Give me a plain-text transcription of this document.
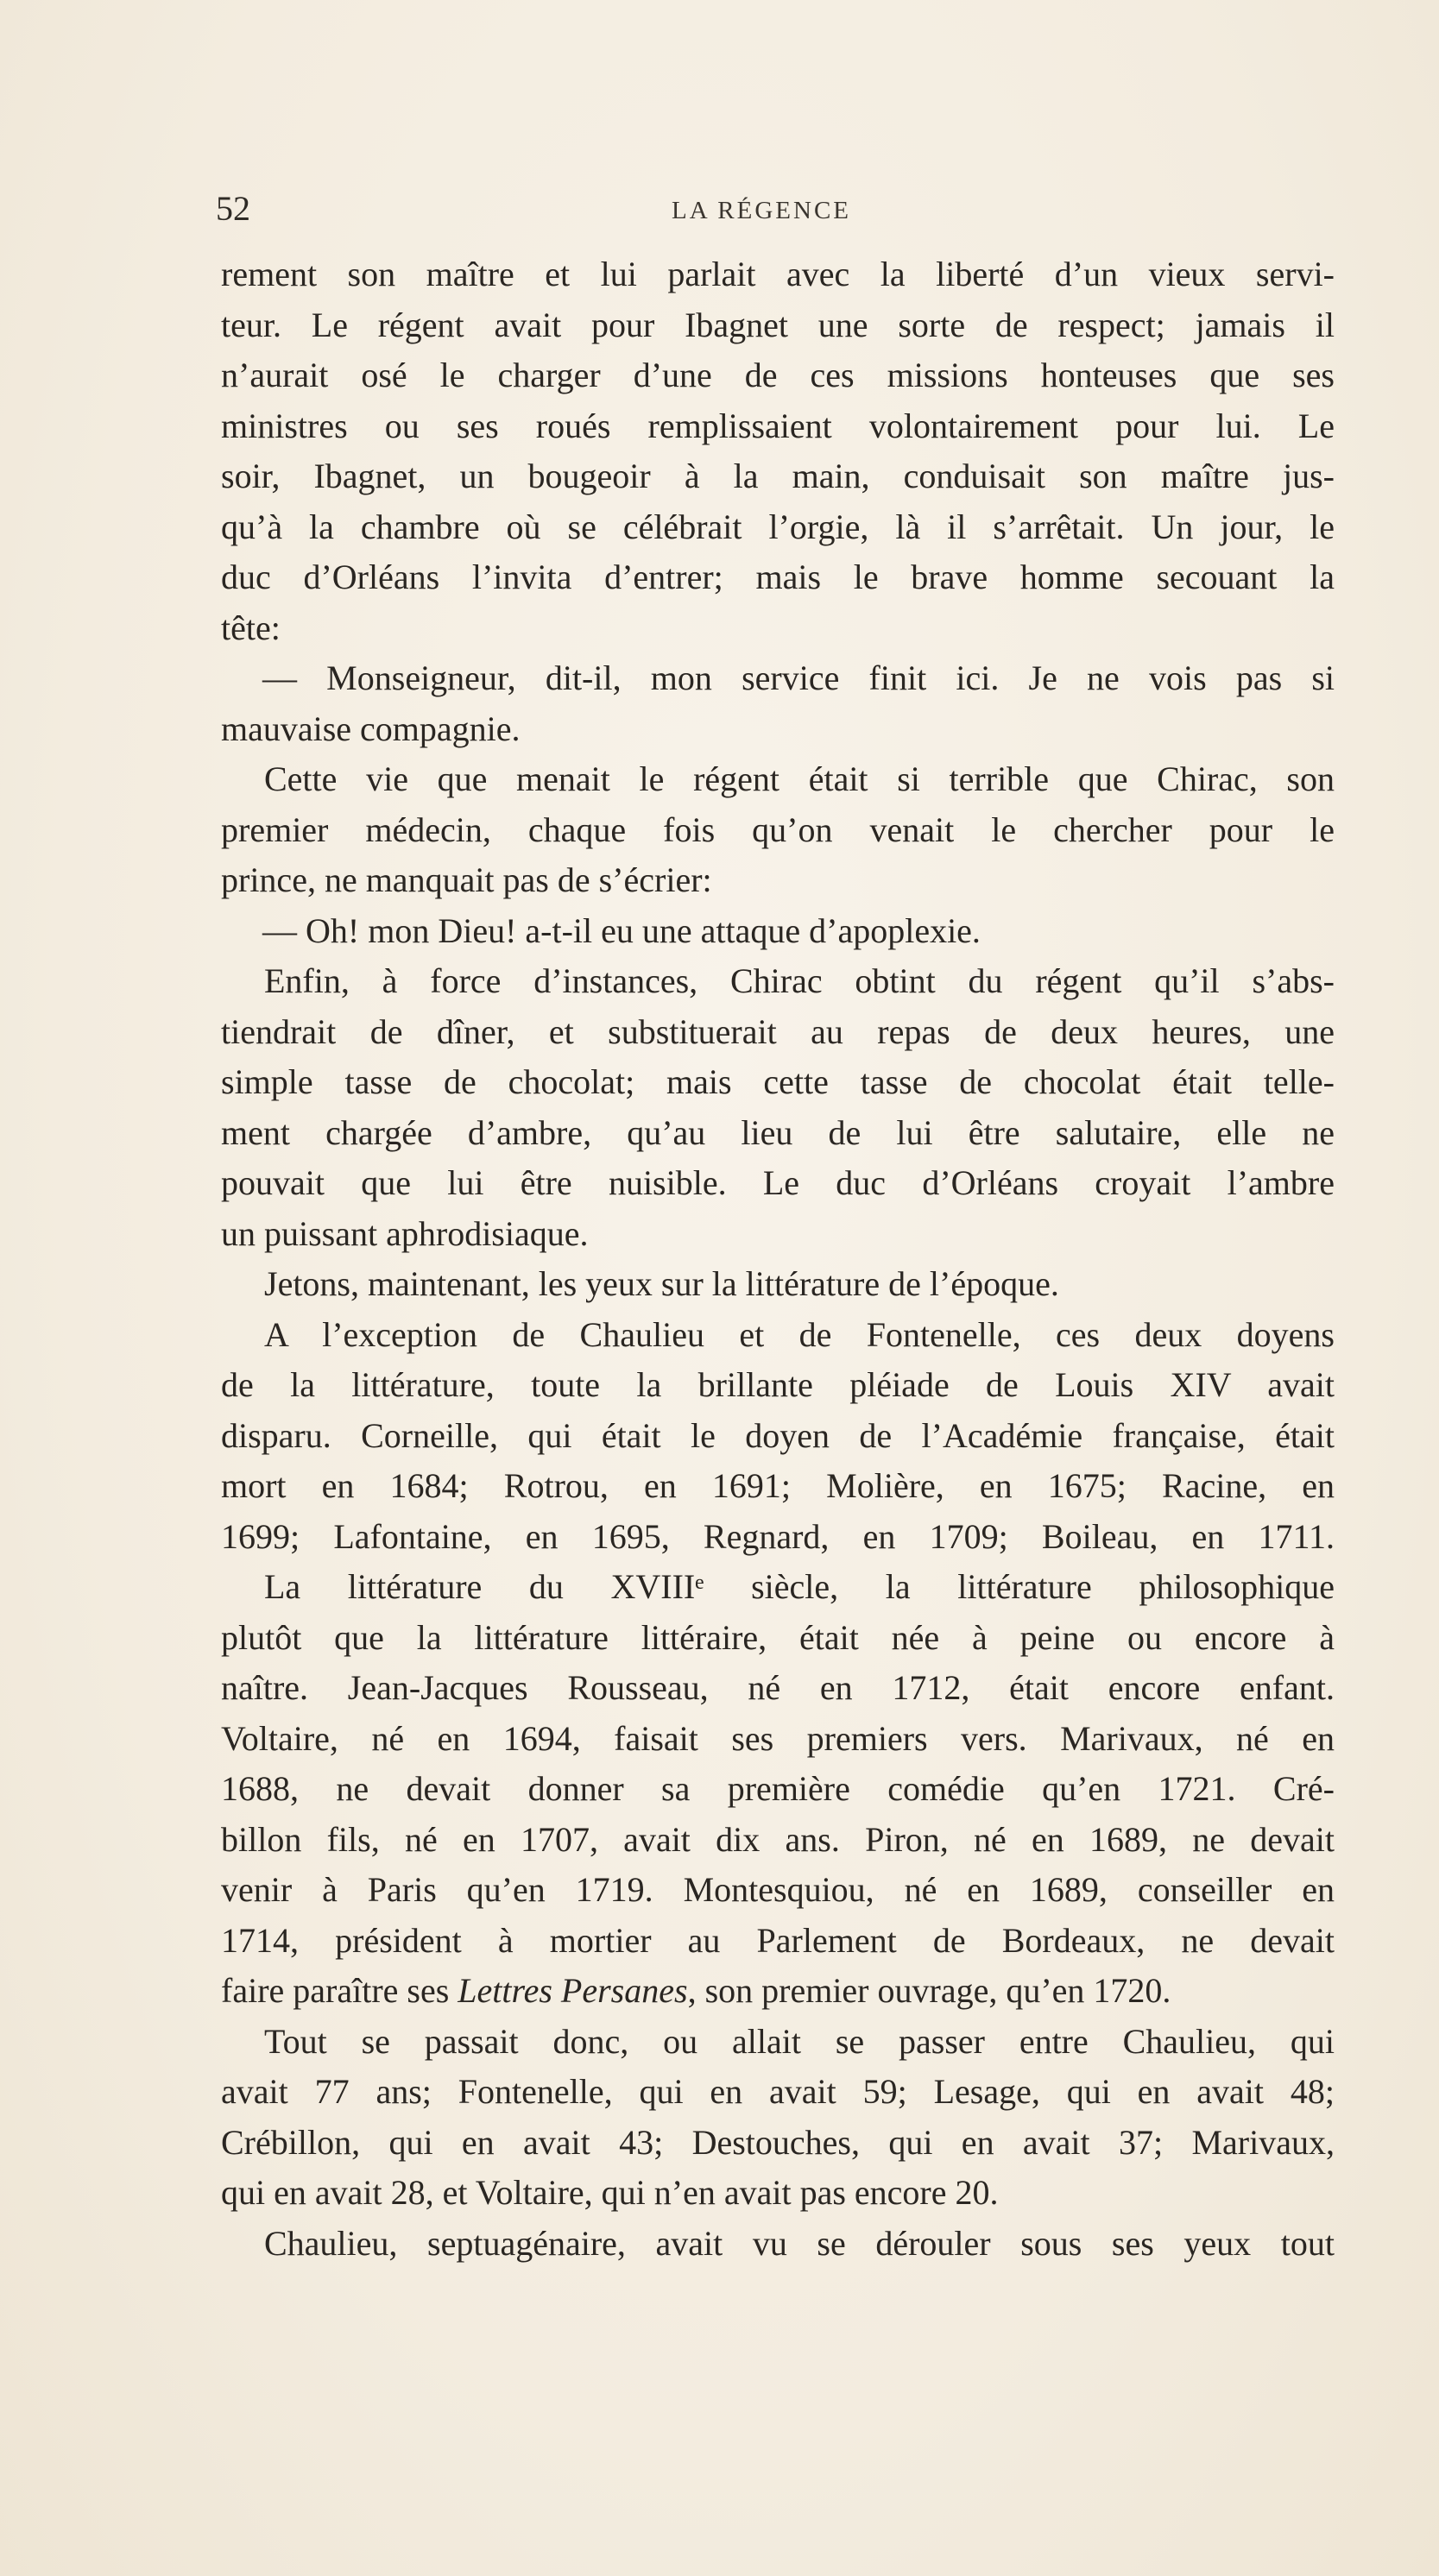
52	LA RÉGENCE
rement son maître et lui parlait avec la liberté d’un vieux servi-
teur. Le régent avait pour Ibagnet une sorte de respect; jamais il
n’aurait osé le charger d’une de ces missions honteuses que ses
ministres ou ses roués remplissaient volontairement pour lui. Le
soir, Ibagnet, un bougeoir à la main, conduisait son maître jus-
qu’à la chambre où se célébrait l’orgie, là il s’arrêtait. Un jour, le
duc d’Orléans l’invita d’entrer; mais le brave homme secouant la
tête:
— Monseigneur, dit-il, mon service finit ici. Je ne vois pas si
mauvaise compagnie.
Cette vie que menait le régent était si terrible que Chirac, son
premier médecin, chaque fois qu’on venait le chercher pour le
prince, ne manquait pas de s’écrier:
— Oh! mon Dieu! a-t-il eu une attaque d’apoplexie.
Enfin, à force d’instances, Chirac obtint du régent qu’il s’abs-
tiendrait de dîner, et substituerait au repas de deux heures, une
simple tasse de chocolat; mais cette tasse de chocolat était telle-
ment chargée d’ambre, qu’au lieu de lui être salutaire, elle ne
pouvait que lui être nuisible. Le duc d’Orléans croyait l’ambre
un puissant aphrodisiaque.
Jetons, maintenant, les yeux sur la littérature de l’époque.
A l’exception de Chaulieu et de Fontenelle, ces deux doyens
de la littérature, toute la brillante pléiade de Louis XIV avait
disparu. Corneille, qui était le doyen de l’Académie française, était
mort en 1684; Rotrou, en 1691; Molière, en 1675; Racine, en
1699; Lafontaine, en 1695, Regnard, en 1709; Boileau, en 1711.
La littérature du XVIIIᵉ siècle, la littérature philosophique
plutôt que la littérature littéraire, était née à peine ou encore à
naître. Jean-Jacques Rousseau, né en 1712, était encore enfant.
Voltaire, né en 1694, faisait ses premiers vers. Marivaux, né en
1688, ne devait donner sa première comédie qu’en 1721. Cré-
billon fils, né en 1707, avait dix ans. Piron, né en 1689, ne devait
venir à Paris qu’en 1719. Montesquiou, né en 1689, conseiller en
1714, président à mortier au Parlement de Bordeaux, ne devait
faire paraître ses Lettres Persanes, son premier ouvrage, qu’en 1720.
Tout se passait donc, ou allait se passer entre Chaulieu, qui
avait 77 ans; Fontenelle, qui en avait 59; Lesage, qui en avait 48;
Crébillon, qui en avait 43; Destouches, qui en avait 37; Marivaux,
qui en avait 28, et Voltaire, qui n’en avait pas encore 20.
Chaulieu, septuagénaire, avait vu se dérouler sous ses yeux tout
